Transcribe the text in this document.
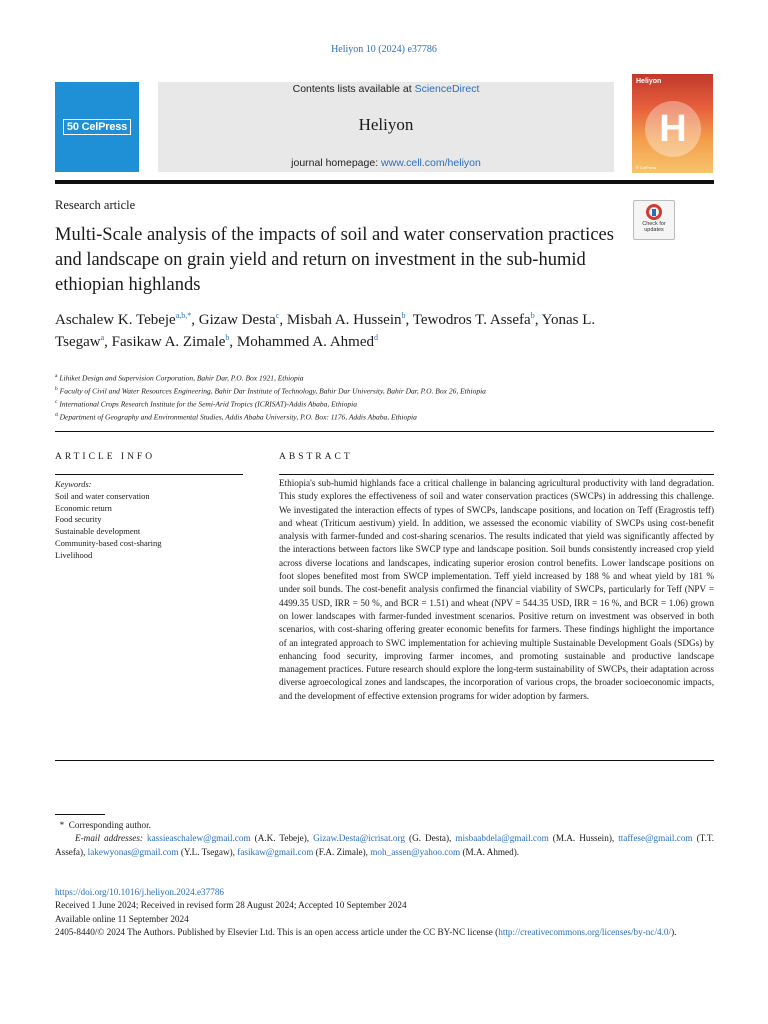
Heliyon 10 (2024) e37786
50 CelPress
Contents lists available at ScienceDirect
Heliyon
journal homepage: www.cell.com/heliyon
Heliyon
H
© CelPress
Research article
Check for
updates
Multi-Scale analysis of the impacts of soil and water conservation practices and landscape on grain yield and return on investment in the sub-humid ethiopian highlands
Aschalew K. Tebeje$^{a,b,*}$, Gizaw Desta$^c$, Misbah A. Hussein$^b$, Tewodros T. Assefa$^b$, Yonas L. Tsegaw$^a$, Fasikaw A. Zimale$^b$, Mohammed A. Ahmed$^d$
$^a$ Lihiket Design and Supervision Corporation, Bahir Dar, P.O. Box 1921, Ethiopia
$^b$ Faculty of Civil and Water Resources Engineering, Bahir Dar Institute of Technology, Bahir Dar University, Bahir Dar, P.O. Box 26, Ethiopia
$^c$ International Crops Research Institute for the Semi-Arid Tropics (ICRISAT)-Addis Ababa, Ethiopia
$^d$ Department of Geography and Environmental Studies, Addis Ababa University, P.O. Box: 1176, Addis Ababa, Ethiopia
ARTICLE INFO
Keywords:
Soil and water conservation
Economic return
Food security
Sustainable development
Community-based cost-sharing
Livelihood
ABSTRACT
Ethiopia's sub-humid highlands face a critical challenge in balancing agricultural productivity with land degradation. This study explores the effectiveness of soil and water conservation practices (SWCPs) in addressing this challenge. We investigated the interaction effects of types of SWCPs, landscape positions, and location on Teff (Eragrostis teff) and wheat (Triticum aestivum) yield. In addition, we assessed the economic viability of SWCPs using cost-benefit analysis with farmer-funded and cost-sharing scenarios. The results indicated that yield was significantly affected by the interactions between factors like SWCP type and landscape position. Soil bunds consistently increased crop yield across diverse locations and landscapes, indicating superior erosion control benefits. Lower landscape positions on foot slopes benefited most from SWCP implementation. Teff yield increased by 188 % and wheat yield by 181 % under soil bunds. The cost-benefit analysis confirmed the financial viability of SWCPs, particularly for Teff (NPV = 4499.35 USD, IRR = 50 %, and BCR = 1.51) and wheat (NPV = 544.35 USD, IRR = 16 %, and BCR = 1.06) grown on lower landscapes with farmer-funded investment scenarios. Positive return on investment was observed in both scenarios, with cost-sharing offering greater economic benefits for farmers. These findings highlight the importance of an integrated approach to SWC implementation for achieving multiple Sustainable Development Goals (SDGs) by enhancing food security, improving farmer incomes, and promoting sustainable and productive landscape management practices. Future research should explore the long-term sustainability of SWCPs, their adaptation across diverse agroecological zones and landscapes, the incorporation of various crops, the broader socioeconomic impacts, and the development of effective extension programs for wider adoption by farmers.
* Corresponding author.
E-mail addresses: kassieaschalew@gmail.com (A.K. Tebeje), Gizaw.Desta@icrisat.org (G. Desta), misbaabdela@gmail.com (M.A. Hussein), ttaffese@gmail.com (T.T. Assefa), lakewyonas@gmail.com (Y.L. Tsegaw), fasikaw@gmail.com (F.A. Zimale), moh_assen@yahoo.com (M.A. Ahmed).
https://doi.org/10.1016/j.heliyon.2024.e37786
Received 1 June 2024; Received in revised form 28 August 2024; Accepted 10 September 2024
Available online 11 September 2024
2405-8440/© 2024 The Authors. Published by Elsevier Ltd. This is an open access article under the CC BY-NC license (http://creativecommons.org/licenses/by-nc/4.0/).
